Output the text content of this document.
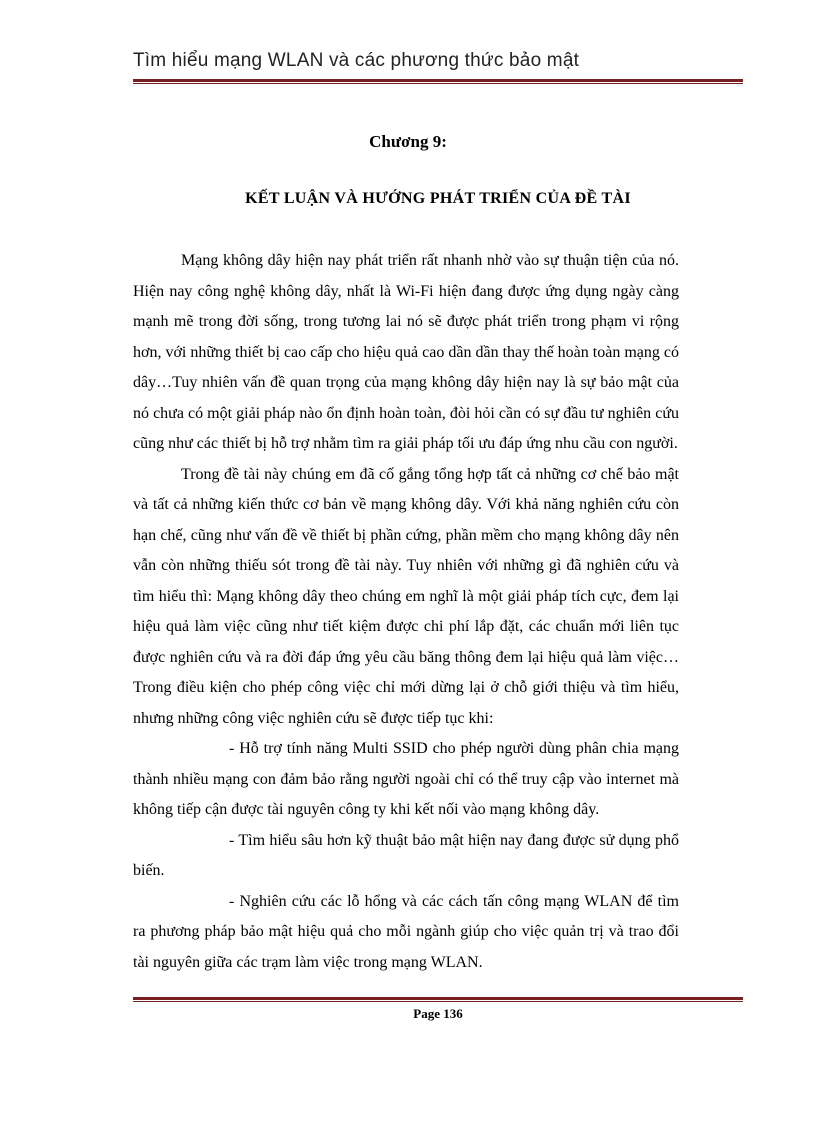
Tìm hiểu mạng WLAN và các phương thức bảo mật
Chương 9:
KẾT LUẬN VÀ HƯỚNG PHÁT TRIỂN CỦA ĐỀ TÀI

Mạng không dây hiện nay phát triển rất nhanh nhờ vào sự thuận tiện của nó. Hiện nay công nghệ không dây, nhất là Wi-Fi hiện đang được ứng dụng ngày càng mạnh mẽ trong đời sống, trong tương lai nó sẽ được phát triển trong phạm vi rộng hơn, với những thiết bị cao cấp cho hiệu quả cao dần dần thay thế hoàn toàn mạng có dây…Tuy nhiên vấn đề quan trọng của mạng không dây hiện nay là sự bảo mật của nó chưa có một giải pháp nào ổn định hoàn toàn, đòi hỏi cần có sự đầu tư nghiên cứu cũng như các thiết bị hỗ trợ nhằm tìm ra giải pháp tối ưu đáp ứng nhu cầu con người.

Trong đề tài này chúng em đã cố gắng tổng hợp tất cả những cơ chế bảo mật và tất cả những kiến thức cơ bản về mạng không dây. Với khả năng nghiên cứu còn hạn chế, cũng như vấn đề về thiết bị phần cứng, phần mềm cho mạng không dây nên vẫn còn những thiếu sót trong đề tài này. Tuy nhiên với những gì đã nghiên cứu và tìm hiểu thì: Mạng không dây theo chúng em nghĩ là một giải pháp tích cực, đem lại hiệu quả làm việc cũng như tiết kiệm được chi phí lắp đặt, các chuẩn mới liên tục được nghiên cứu và ra đời đáp ứng yêu cầu băng thông đem lại hiệu quả làm việc… Trong điều kiện cho phép công việc chỉ mới dừng lại ở chỗ giới thiệu và tìm hiểu, nhưng những công việc nghiên cứu sẽ được tiếp tục khi:

- Hỗ trợ tính năng Multi SSID cho phép người dùng phân chia mạng thành nhiều mạng con đảm bảo rằng người ngoài chỉ có thể truy cập vào internet mà không tiếp cận được tài nguyên công ty khi kết nối vào mạng không dây.

- Tìm hiểu sâu hơn kỹ thuật bảo mật hiện nay đang được sử dụng phổ biến.

- Nghiên cứu các lỗ hổng và các cách tấn công mạng WLAN để tìm ra phương pháp bảo mật hiệu quả cho mỗi ngành giúp cho việc quản trị và trao đổi tài nguyên giữa các trạm làm việc trong mạng WLAN.

Page 136
